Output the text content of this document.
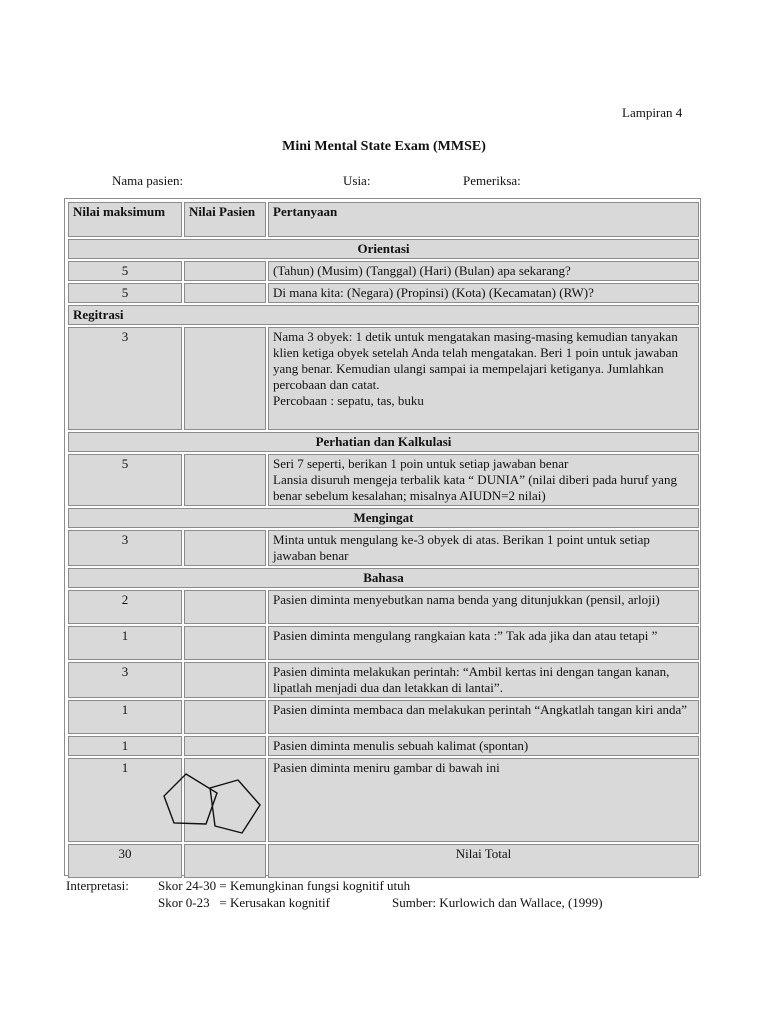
Lampiran 4
Mini Mental State Exam (MMSE)
Nama pasien:	Usia:	Pemeriksa:
Nilai maksimum	Nilai Pasien	Pertanyaan
Orientasi		
5		(Tahun) (Musim) (Tanggal) (Hari) (Bulan) apa sekarang?
5		Di mana kita: (Negara) (Propinsi) (Kota) (Kecamatan) (RW)?
Regitrasi		
3		Nama 3 obyek: 1 detik untuk mengatakan masing-masing kemudian tanyakan klien ketiga obyek setelah Anda telah mengatakan. Beri 1 poin untuk jawaban yang benar. Kemudian ulangi sampai ia mempelajari ketiganya. Jumlahkan percobaan dan catat.
Percobaan : sepatu, tas, buku

Perhatian dan Kalkulasi		
5		Seri 7 seperti, berikan 1 poin untuk setiap jawaban benar
Lansia disuruh mengeja terbalik kata “ DUNIA” (nilai diberi pada huruf yang benar sebelum kesalahan; misalnya AIUDN=2 nilai)

Mengingat		
3		Minta untuk mengulang ke-3 obyek di atas. Berikan 1 point untuk setiap jawaban benar
Bahasa		
2		Pasien diminta menyebutkan nama benda yang ditunjukkan (pensil, arloji)
1		Pasien diminta mengulang rangkaian kata :” Tak ada jika dan atau tetapi ”
3		Pasien diminta melakukan perintah: “Ambil kertas ini dengan tangan kanan, lipatlah menjadi dua dan letakkan di lantai”.
1		Pasien diminta membaca dan melakukan perintah “Angkatlah tangan kiri anda”
1		Pasien diminta menulis sebuah kalimat (spontan)
1		Pasien diminta meniru gambar di bawah ini
30		Nilai Total
Interpretasi: Skor 24-30 = Kemungkinan fungsi kognitif utuh
Skor 0-23   = Kerusakan kognitif	Sumber: Kurlowich dan Wallace, (1999)
